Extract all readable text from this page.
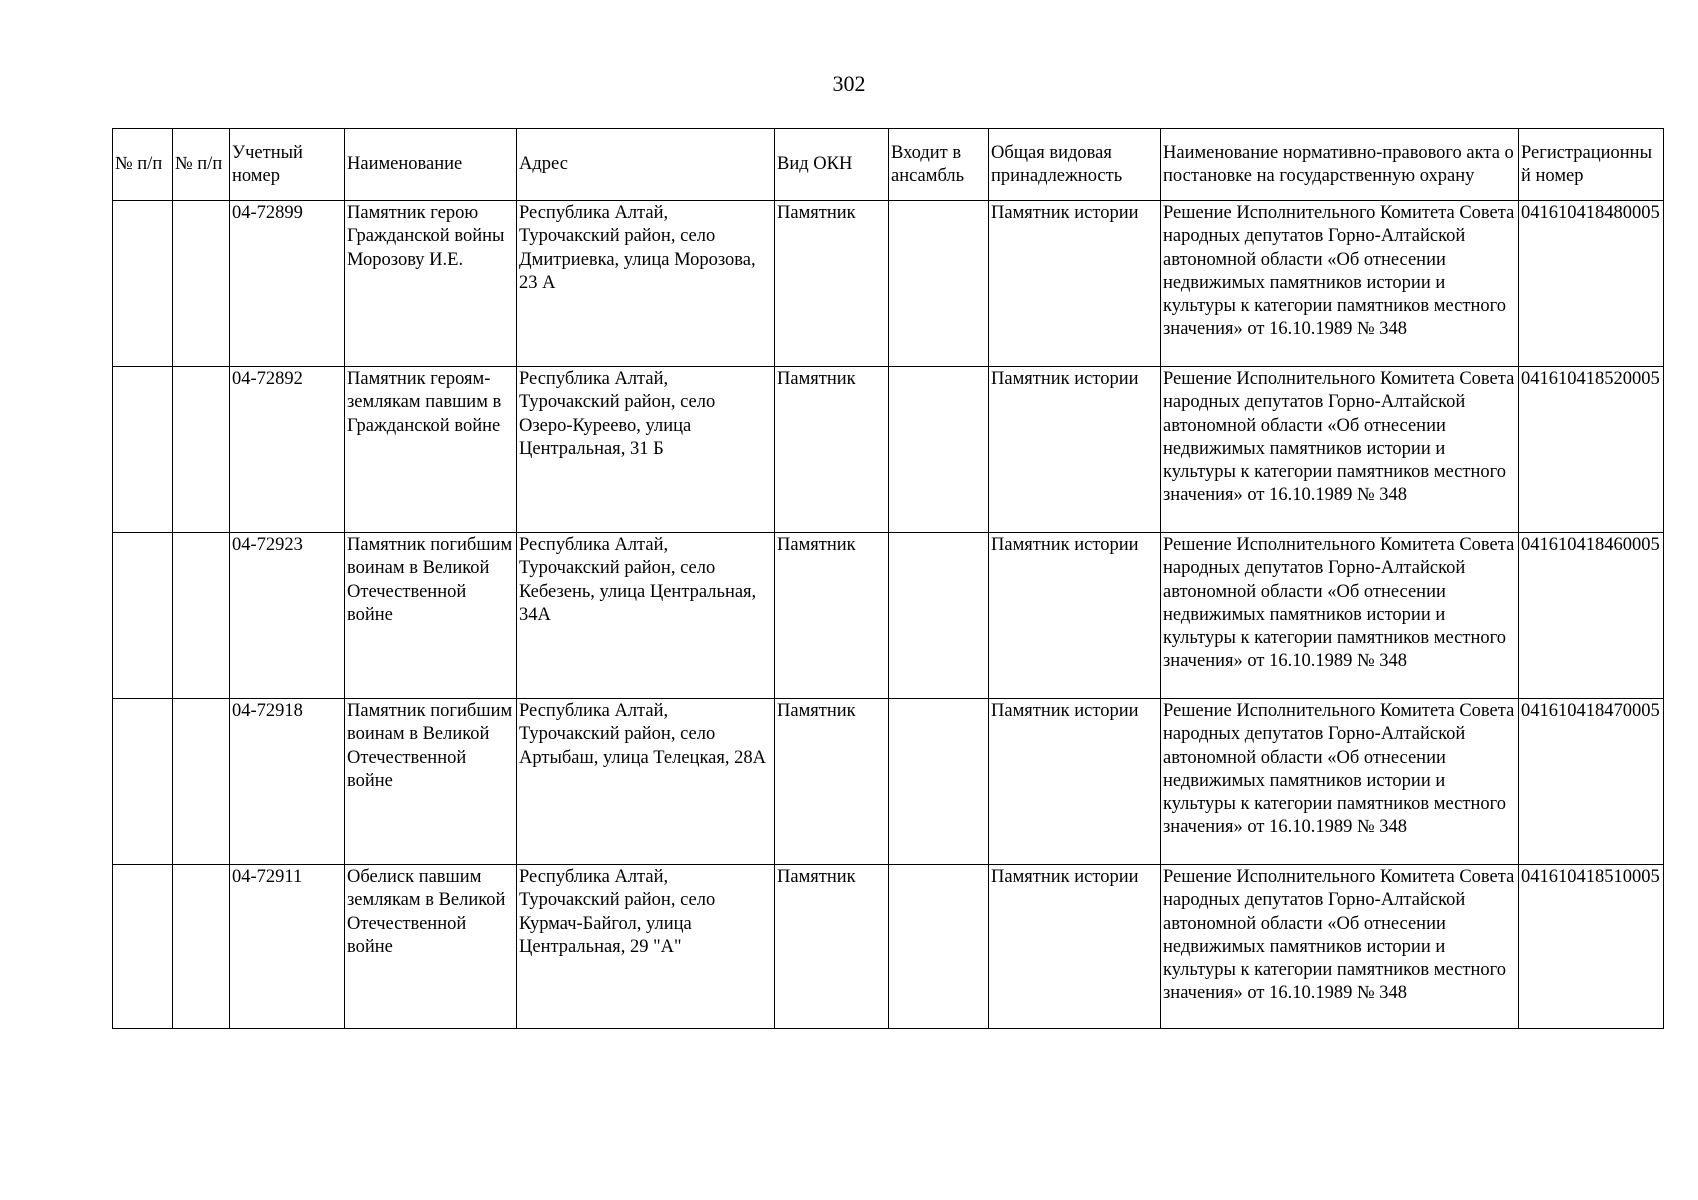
302
№ п/п	№ п/п	Учетный номер	Наименование	Адрес	Вид ОКН	Входит в ансамбль	Общая видовая принадлежность	Наименование нормативно-правового акта о постановке на государственную охрану	Регистрационный номер
		04-72899	Памятник герою Гражданской войны Морозову И.Е.	Республика Алтай, Турочакский район, село Дмитриевка, улица Морозова, 23 А	Памятник		Памятник истории	Решение Исполнительного Комитета Совета народных депутатов Горно-Алтайской автономной области «Об отнесении недвижимых памятников истории и культуры к категории памятников местного значения» от 16.10.1989 № 348	041610418480005
		04-72892	Памятник героям-землякам павшим в Гражданской войне	Республика Алтай, Турочакский район, село Озеро-Куреево, улица Центральная, 31 Б	Памятник		Памятник истории	Решение Исполнительного Комитета Совета народных депутатов Горно-Алтайской автономной области «Об отнесении недвижимых памятников истории и культуры к категории памятников местного значения» от 16.10.1989 № 348	041610418520005
		04-72923	Памятник погибшим воинам в Великой Отечественной войне	Республика Алтай, Турочакский район, село Кебезень, улица Центральная, 34А	Памятник		Памятник истории	Решение Исполнительного Комитета Совета народных депутатов Горно-Алтайской автономной области «Об отнесении недвижимых памятников истории и культуры к категории памятников местного значения» от 16.10.1989 № 348	041610418460005
		04-72918	Памятник погибшим воинам в Великой Отечественной войне	Республика Алтай, Турочакский район, село Артыбаш, улица Телецкая, 28А	Памятник		Памятник истории	Решение Исполнительного Комитета Совета народных депутатов Горно-Алтайской автономной области «Об отнесении недвижимых памятников истории и культуры к категории памятников местного значения» от 16.10.1989 № 348	041610418470005
		04-72911	Обелиск павшим землякам в Великой Отечественной войне	Республика Алтай, Турочакский район, село Курмач-Байгол, улица Центральная, 29 "А"	Памятник		Памятник истории	Решение Исполнительного Комитета Совета народных депутатов Горно-Алтайской автономной области «Об отнесении недвижимых памятников истории и культуры к категории памятников местного значения» от 16.10.1989 № 348	041610418510005
